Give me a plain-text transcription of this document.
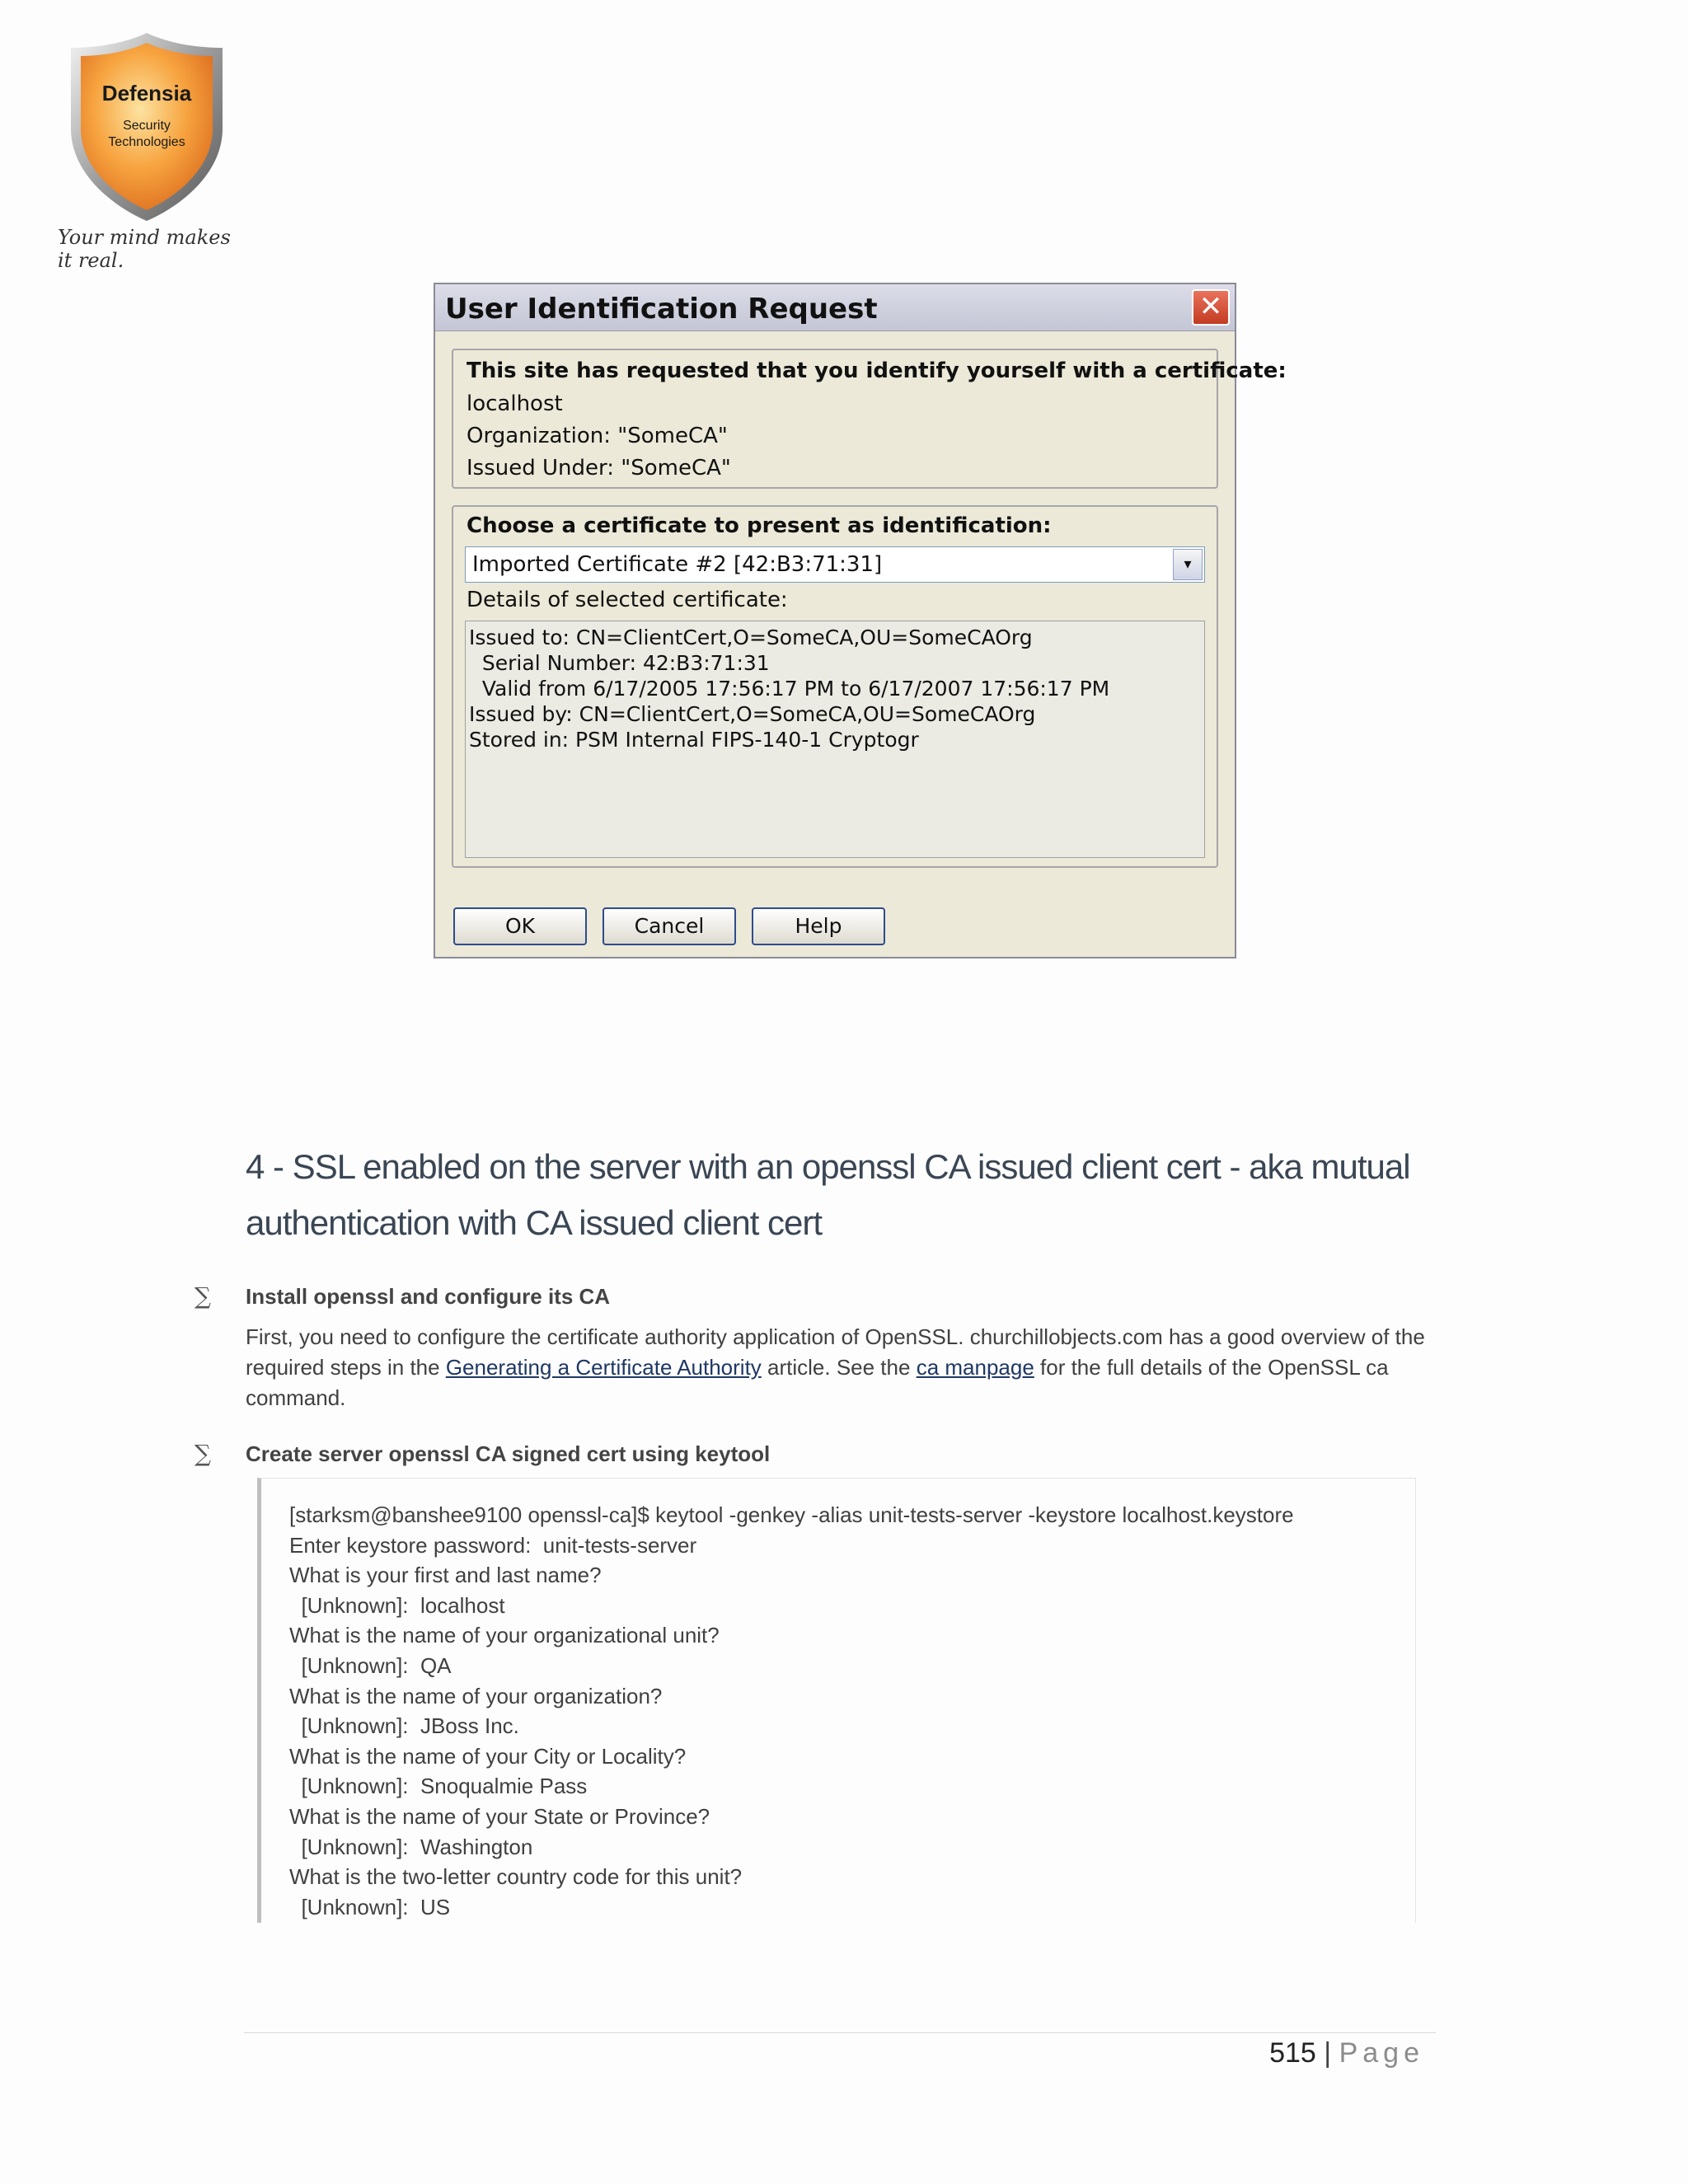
Defensia
Security
Technologies
Your mind makes it real.
User Identification Request	✕
This site has requested that you identify yourself with a certificate:
localhost
Organization: "SomeCA"
Issued Under: "SomeCA"
Choose a certificate to present as identification:
Imported Certificate #2 [42:B3:71:31]	▾
Details of selected certificate:
Issued to: CN=ClientCert,O=SomeCA,OU=SomeCAOrg
Serial Number: 42:B3:71:31
Valid from 6/17/2005 17:56:17 PM to 6/17/2007 17:56:17 PM
Issued by: CN=ClientCert,O=SomeCA,OU=SomeCAOrg
Stored in: PSM Internal FIPS-140-1 Cryptogr
OK	Cancel	Help
4 - SSL enabled on the server with an openssl CA issued client cert - aka mutual
authentication with CA issued client cert
∑ Install openssl and configure its CA
First, you need to configure the certificate authority application of OpenSSL. churchillobjects.com has a good overview of the required steps in the Generating a Certificate Authority article. See the ca manpage for the full details of the OpenSSL ca command.
∑ Create server openssl CA signed cert using keytool
[starksm@banshee9100 openssl-ca]$ keytool -genkey -alias unit-tests-server -keystore localhost.keystore
Enter keystore password:  unit-tests-server
What is your first and last name?
[Unknown]:  localhost
What is the name of your organizational unit?
[Unknown]:  QA
What is the name of your organization?
[Unknown]:  JBoss Inc.
What is the name of your City or Locality?
[Unknown]:  Snoqualmie Pass
What is the name of your State or Province?
[Unknown]:  Washington
What is the two-letter country code for this unit?
[Unknown]:  US
515 | Page
